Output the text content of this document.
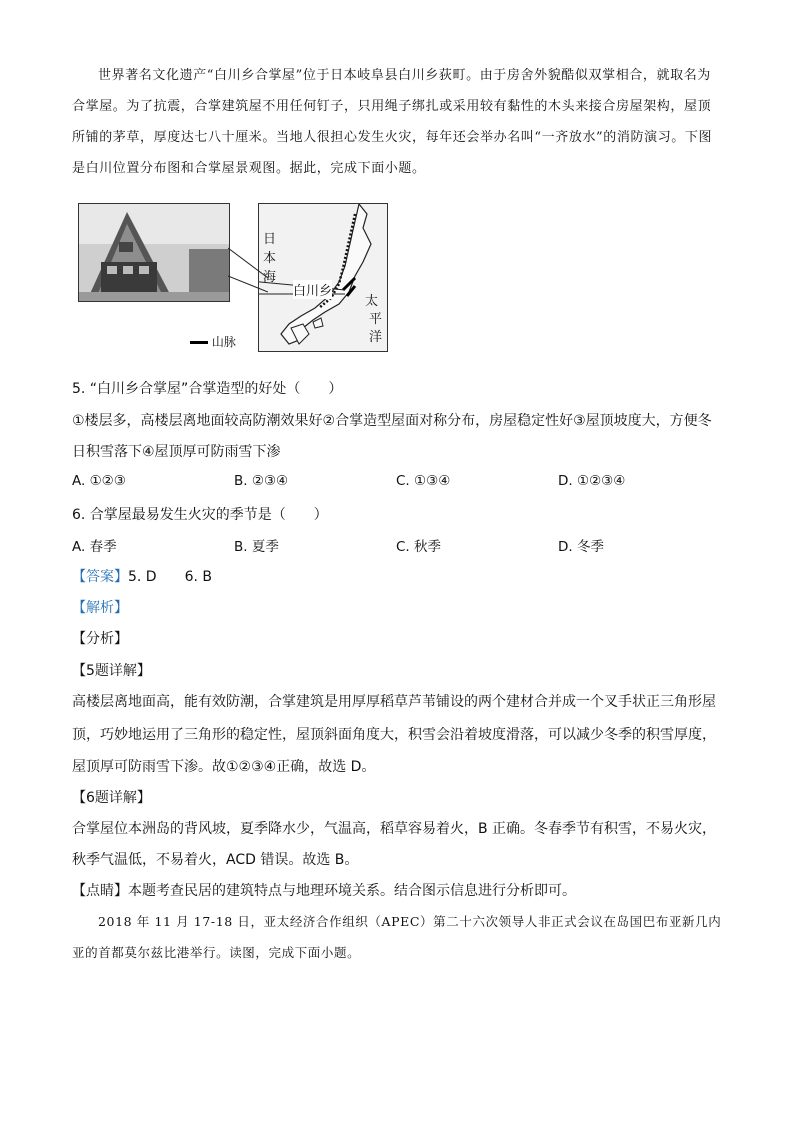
世界著名文化遗产“白川乡合掌屋”位于日本岐阜县白川乡荻町。由于房舍外貌酷似双掌相合，就取名为合掌屋。为了抗震，合掌建筑屋不用任何钉子，只用绳子绑扎或采用较有黏性的木头来接合房屋架构，屋顶所铺的茅草，厚度达七八十厘米。当地人很担心发生火灾，每年还会举办名叫“一齐放水”的消防演习。下图是白川位置分布图和合掌屋景观图。据此，完成下面小题。

日本海
白川乡
太
平
洋
山脉
5. “白川乡合掌屋”合掌造型的好处（　　）
①楼层多，高楼层离地面较高防潮效果好②合掌造型屋面对称分布，房屋稳定性好③屋顶坡度大，方便冬
日积雪落下④屋顶厚可防雨雪下渗
A. ①②③	B. ②③④	C. ①③④	D. ①②③④
6. 合掌屋最易发生火灾的季节是（　　）
A. 春季	B. 夏季	C. 秋季	D. 冬季
【答案】5. D　　6. B
【解析】
【分析】
【5题详解】
高楼层离地面高，能有效防潮，合掌建筑是用厚厚稻草芦苇铺设的两个建材合并成一个叉手状正三角形屋
顶，巧妙地运用了三角形的稳定性，屋顶斜面角度大，积雪会沿着坡度滑落，可以减少冬季的积雪厚度，
屋顶厚可防雨雪下渗。故①②③④正确，故选 D。
【6题详解】
合掌屋位本洲岛的背风坡，夏季降水少，气温高，稻草容易着火，B 正确。冬春季节有积雪，不易火灾，
秋季气温低，不易着火，ACD 错误。故选 B。
【点睛】本题考查民居的建筑特点与地理环境关系。结合图示信息进行分析即可。

2018 年 11 月 17-18 日，亚太经济合作组织（APEC）第二十六次领导人非正式会议在岛国巴布亚新几内亚的首都莫尔兹比港举行。读图，完成下面小题。
